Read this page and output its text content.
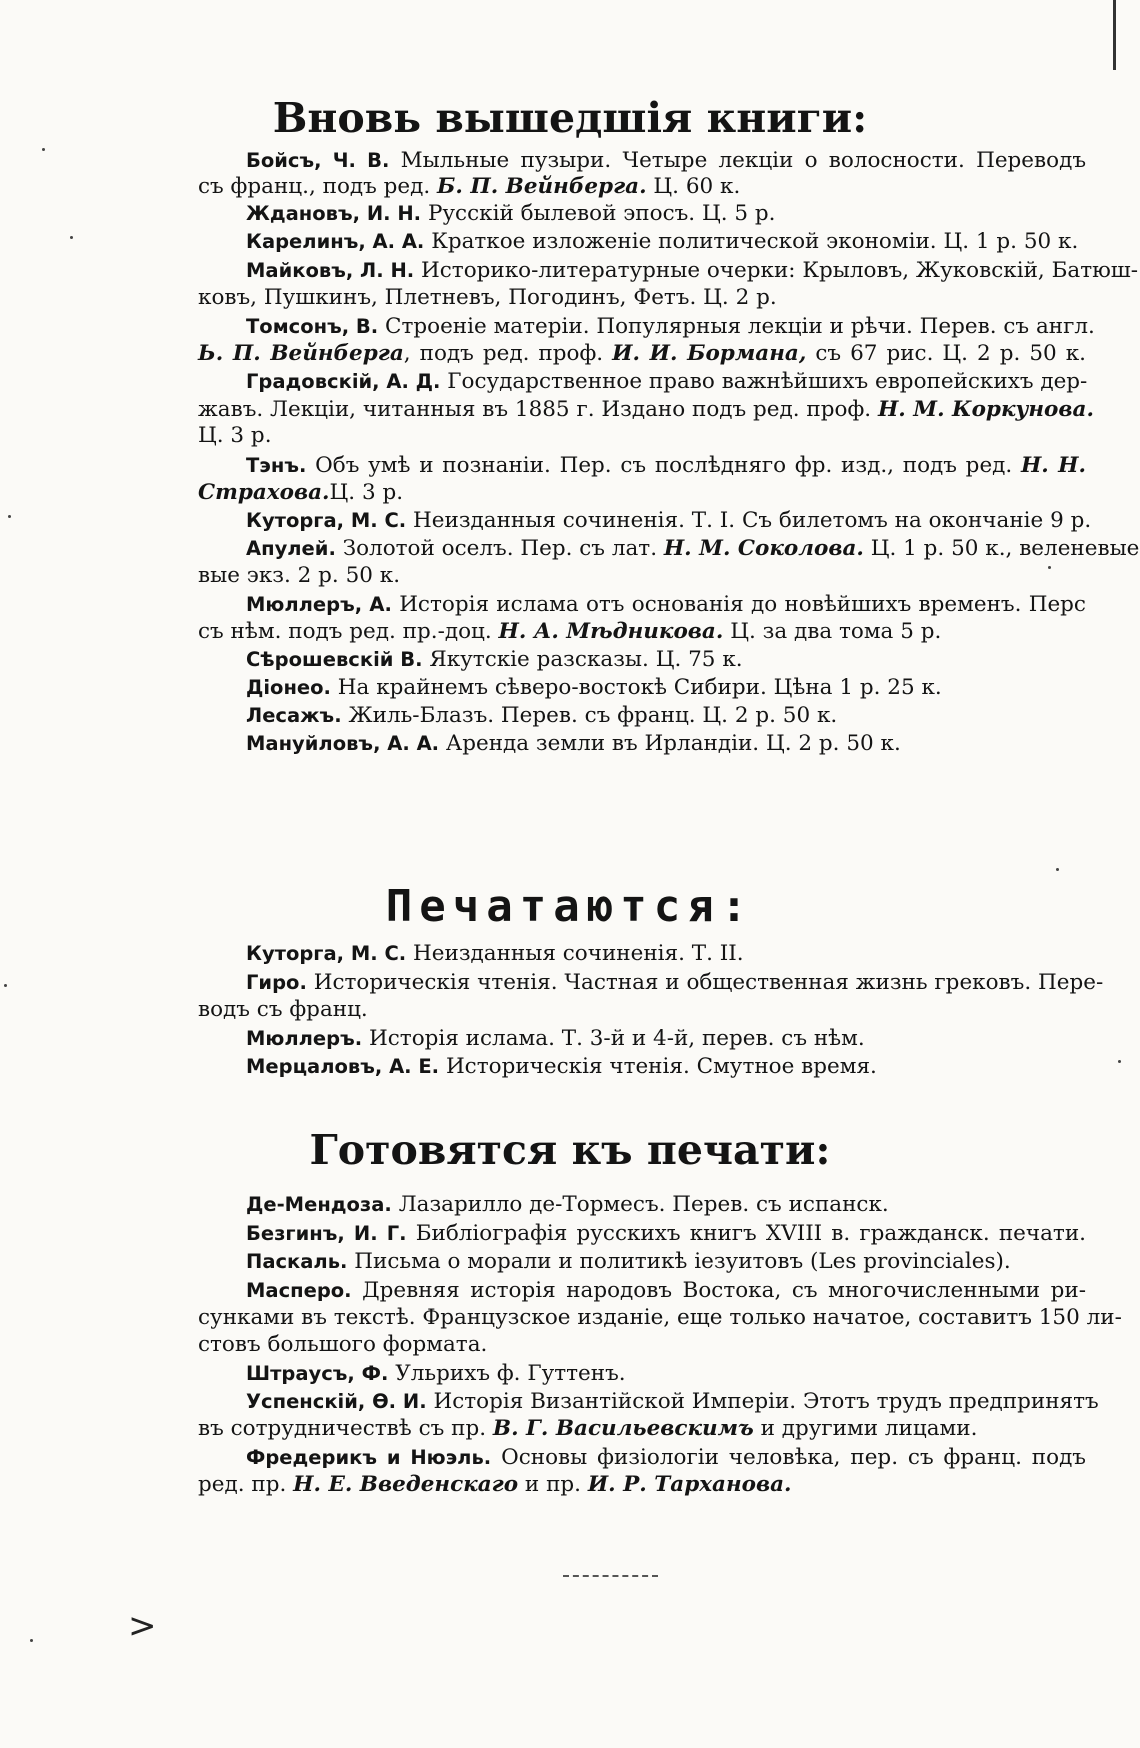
Вновь вышедшія книги:
Бойсъ, Ч. В. Мыльные пузыри. Четыре лекціи о волосности. Переводъ
съ франц., подъ ред. Б. П. Вейнберга. Ц. 60 к.
Ждановъ, И. Н. Русскій былевой эпосъ. Ц. 5 р.
Карелинъ, А. А. Краткое изложеніе политической экономіи. Ц. 1 р. 50 к.
Майковъ, Л. Н. Историко-литературные очерки: Крыловъ, Жуковскій, Батюш-
ковъ, Пушкинъ, Плетневъ, Погодинъ, Фетъ. Ц. 2 р.
Томсонъ, В. Строеніе матеріи. Популярныя лекціи и рѣчи. Перев. съ англ.
Ь. П. Вейнберга, подъ ред. проф. И. И. Бормана, съ 67 рис. Ц. 2 р. 50 к.
Градовскій, А. Д. Государственное право важнѣйшихъ европейскихъ дер-
жавъ. Лекціи, читанныя въ 1885 г. Издано подъ ред. проф. Н. М. Коркунова.
Ц. 3 р.
Тэнъ. Объ умѣ и познаніи. Пер. съ послѣдняго фр. изд., подъ ред. Н. Н.
Страхова.Ц. 3 р.
Куторга, М. С. Неизданныя сочиненія. Т. I. Съ билетомъ на окончаніе 9 р.
Апулей. Золотой оселъ. Пер. съ лат. Н. М. Соколова. Ц. 1 р. 50 к., веленевые
вые экз. 2 р. 50 к.
Мюллеръ, А. Исторія ислама отъ основанія до новѣйшихъ временъ. Перс
съ нѣм. подъ ред. пр.-доц. Н. А. Мѣдникова. Ц. за два тома 5 р.
Сѣрошевскій В. Якутскіе разсказы. Ц. 75 к.
Діонео. На крайнемъ сѣверо-востокѣ Сибири. Цѣна 1 р. 25 к.
Лесажъ. Жиль-Блазъ. Перев. съ франц. Ц. 2 р. 50 к.
Мануйловъ, А. А. Аренда земли въ Ирландіи. Ц. 2 р. 50 к.
Печатаются:
Куторга, М. С. Неизданныя сочиненія. Т. II.
Гиро. Историческія чтенія. Частная и общественная жизнь грековъ. Пере-
водъ съ франц.
Мюллеръ. Исторія ислама. Т. 3-й и 4-й, перев. съ нѣм.
Мерцаловъ, А. Е. Историческія чтенія. Смутное время.
Готовятся къ печати:
Де-Мендоза. Лазарилло де-Тормесъ. Перев. съ испанск.
Безгинъ, И. Г. Библіографія русскихъ книгъ XVIII в. гражданск. печати.
Паскаль. Письма о морали и политикѣ іезуитовъ (Les provinciales).
Масперо. Древняя исторія народовъ Востока, съ многочисленными ри-
сунками въ текстѣ. Французское изданіе, еще только начатое, составитъ 150 ли-
стовъ большого формата.
Штраусъ, Ф. Ульрихъ ф. Гуттенъ.
Успенскій, Ѳ. И. Исторія Византійской Имперіи. Этотъ трудъ предпринятъ
въ сотрудничествѣ съ пр. В. Г. Васильевскимъ и другими лицами.
Фредерикъ и Нюэль. Основы физіологіи человѣка, пер. съ франц. подъ
ред. пр. Н. Е. Введенскаго и пр. И. Р. Тарханова.
>
